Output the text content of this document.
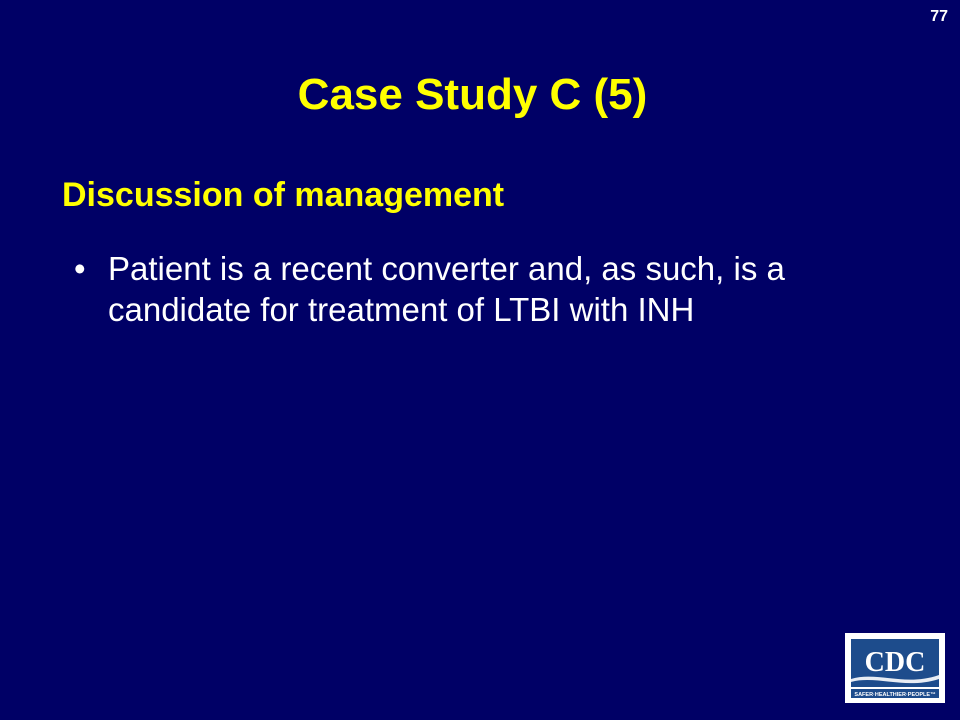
77
Case Study C (5)
Discussion of management
• Patient is a recent converter and, as such, is a candidate for treatment of LTBI with INH
CDC
SAFER·HEALTHIER·PEOPLE™
